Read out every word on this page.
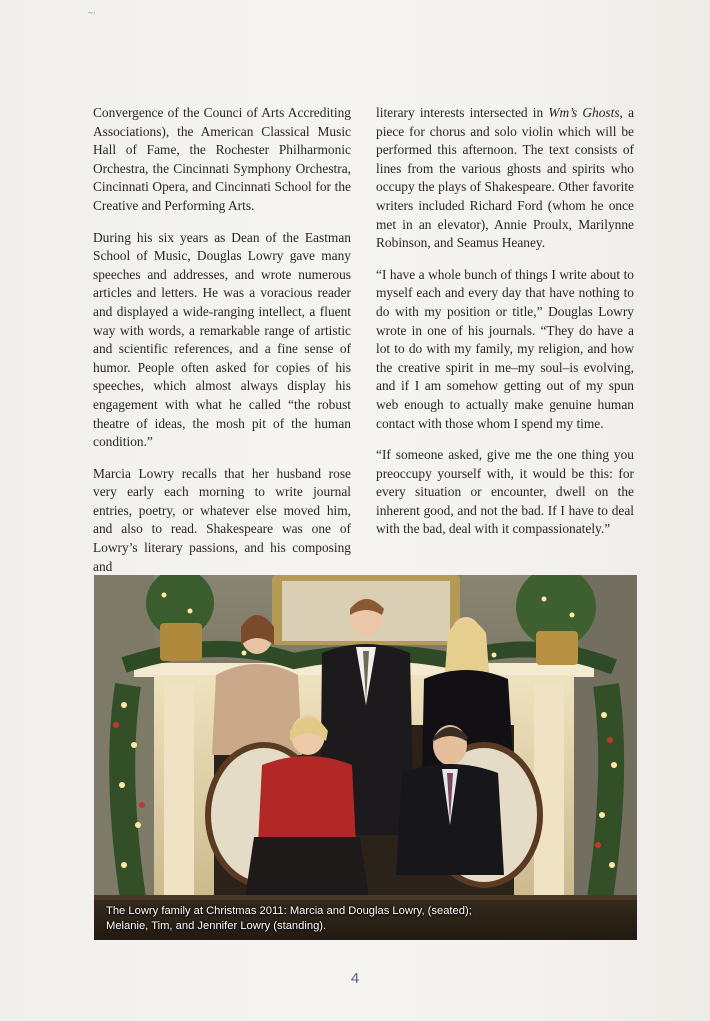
~·

Convergence of the Counci of Arts Accrediting Associations), the American Classical Music Hall of Fame, the Rochester Philharmonic Orchestra, the Cincinnati Symphony Orchestra, Cincinnati Opera, and Cincinnati School for the Creative and Performing Arts.

During his six years as Dean of the Eastman School of Music, Douglas Lowry gave many speeches and addresses, and wrote numerous articles and letters. He was a voracious reader and displayed a wide-ranging intellect, a fluent way with words, a remarkable range of artistic and scientific references, and a fine sense of humor. People often asked for copies of his speeches, which almost always display his engagement with what he called “the robust theatre of ideas, the mosh pit of the human condition.”

Marcia Lowry recalls that her husband rose very early each morning to write journal entries, poetry, or whatever else moved him, and also to read. Shakespeare was one of Lowry’s literary passions, and his composing and

literary interests intersected in Wm’s Ghosts, a piece for chorus and solo violin which will be performed this afternoon. The text consists of lines from the various ghosts and spirits who occupy the plays of Shakespeare. Other favorite writers included Richard Ford (whom he once met in an elevator), Annie Proulx, Marilynne Robinson, and Seamus Heaney.

“I have a whole bunch of things I write about to myself each and every day that have nothing to do with my position or title,” Douglas Lowry wrote in one of his journals. “They do have a lot to do with my family, my religion, and how the creative spirit in me–my soul–is evolving, and if I am somehow getting out of my spun web enough to actually make genuine human contact with those whom I spend my time.

“If someone asked, give me the one thing you preoccupy yourself with, it would be this: for every situation or encounter, dwell on the inherent good, and not the bad. If I have to deal with the bad, deal with it compassionately.”

The Lowry family at Christmas 2011: Marcia and Douglas Lowry, (seated);
Melanie, Tim, and Jennifer Lowry (standing).
4
